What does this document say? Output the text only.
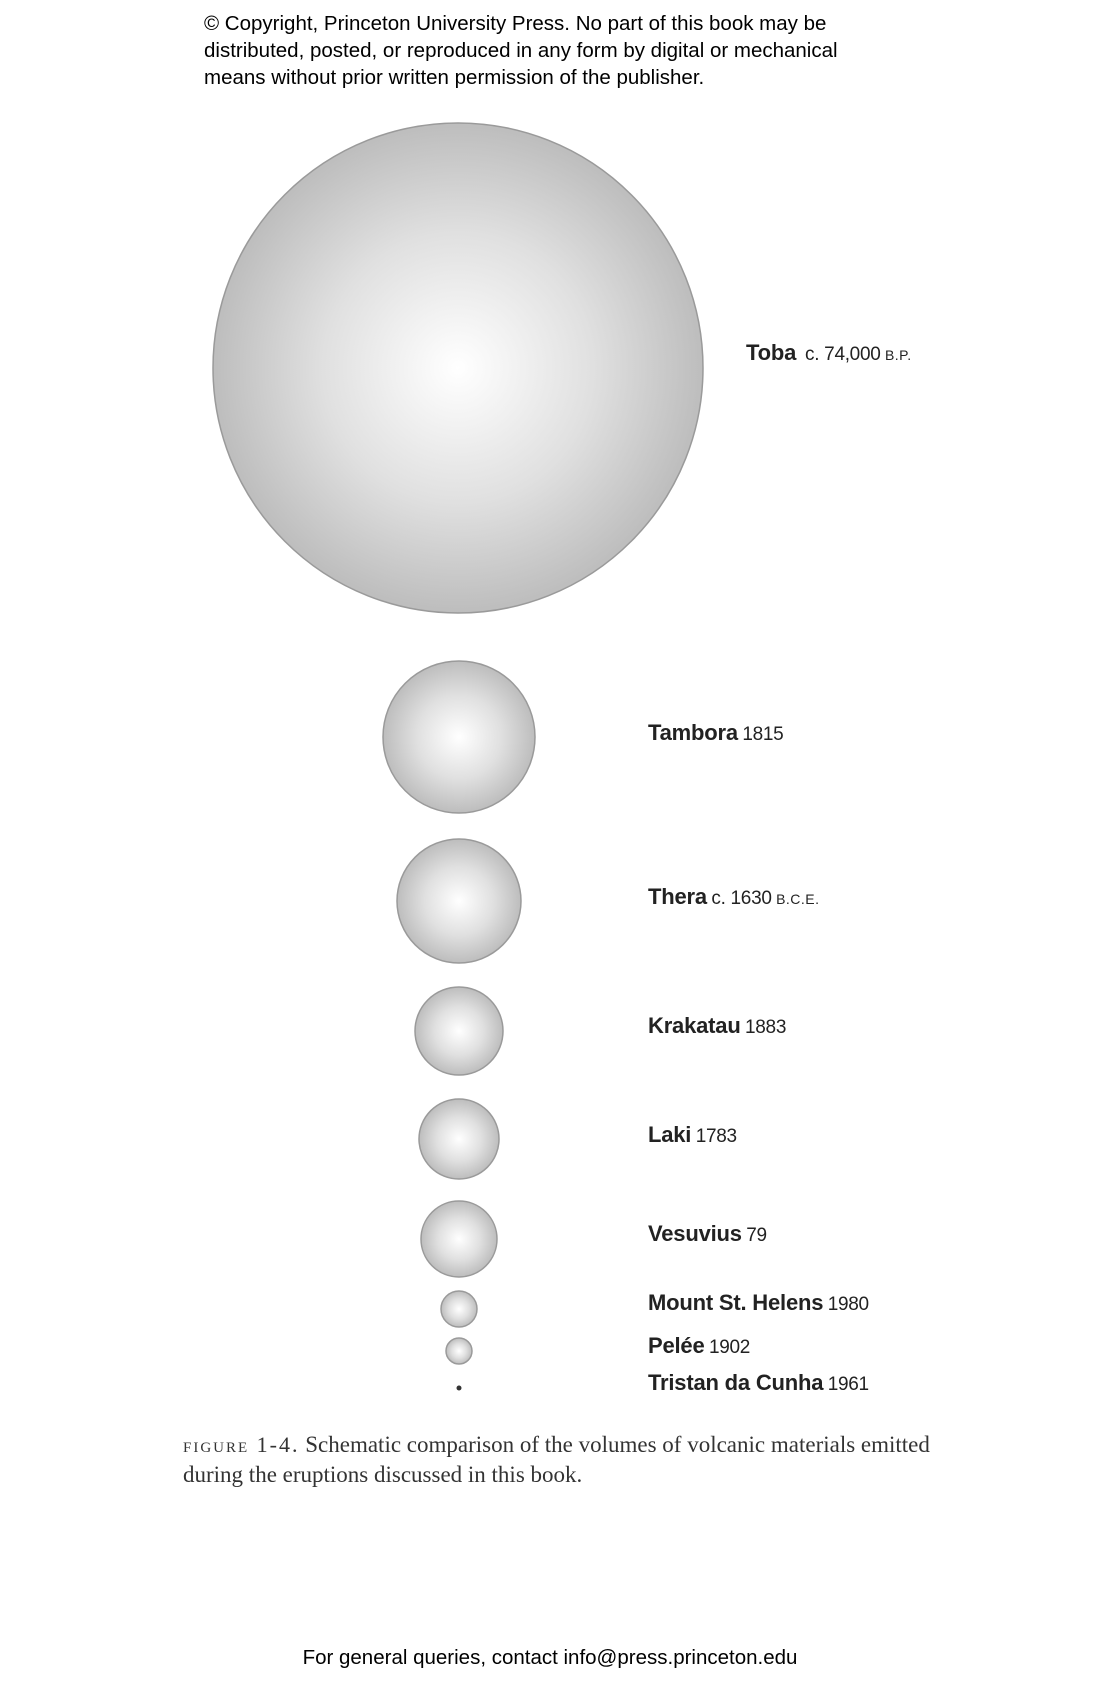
© Copyright, Princeton University Press. No part of this book may be
distributed, posted, or reproduced in any form by digital or mechanical
means without prior written permission of the publisher.
Toba c. 74,000 B.P.
Tambora 1815
Thera c. 1630 B.C.E.
Krakatau 1883
Laki 1783
Vesuvius 79
Mount St. Helens 1980
Pelée 1902
Tristan da Cunha 1961
figure 1-4. Schematic comparison of the volumes of volcanic materials emitted during the eruptions discussed in this book.
For general queries, contact info@press.princeton.edu
